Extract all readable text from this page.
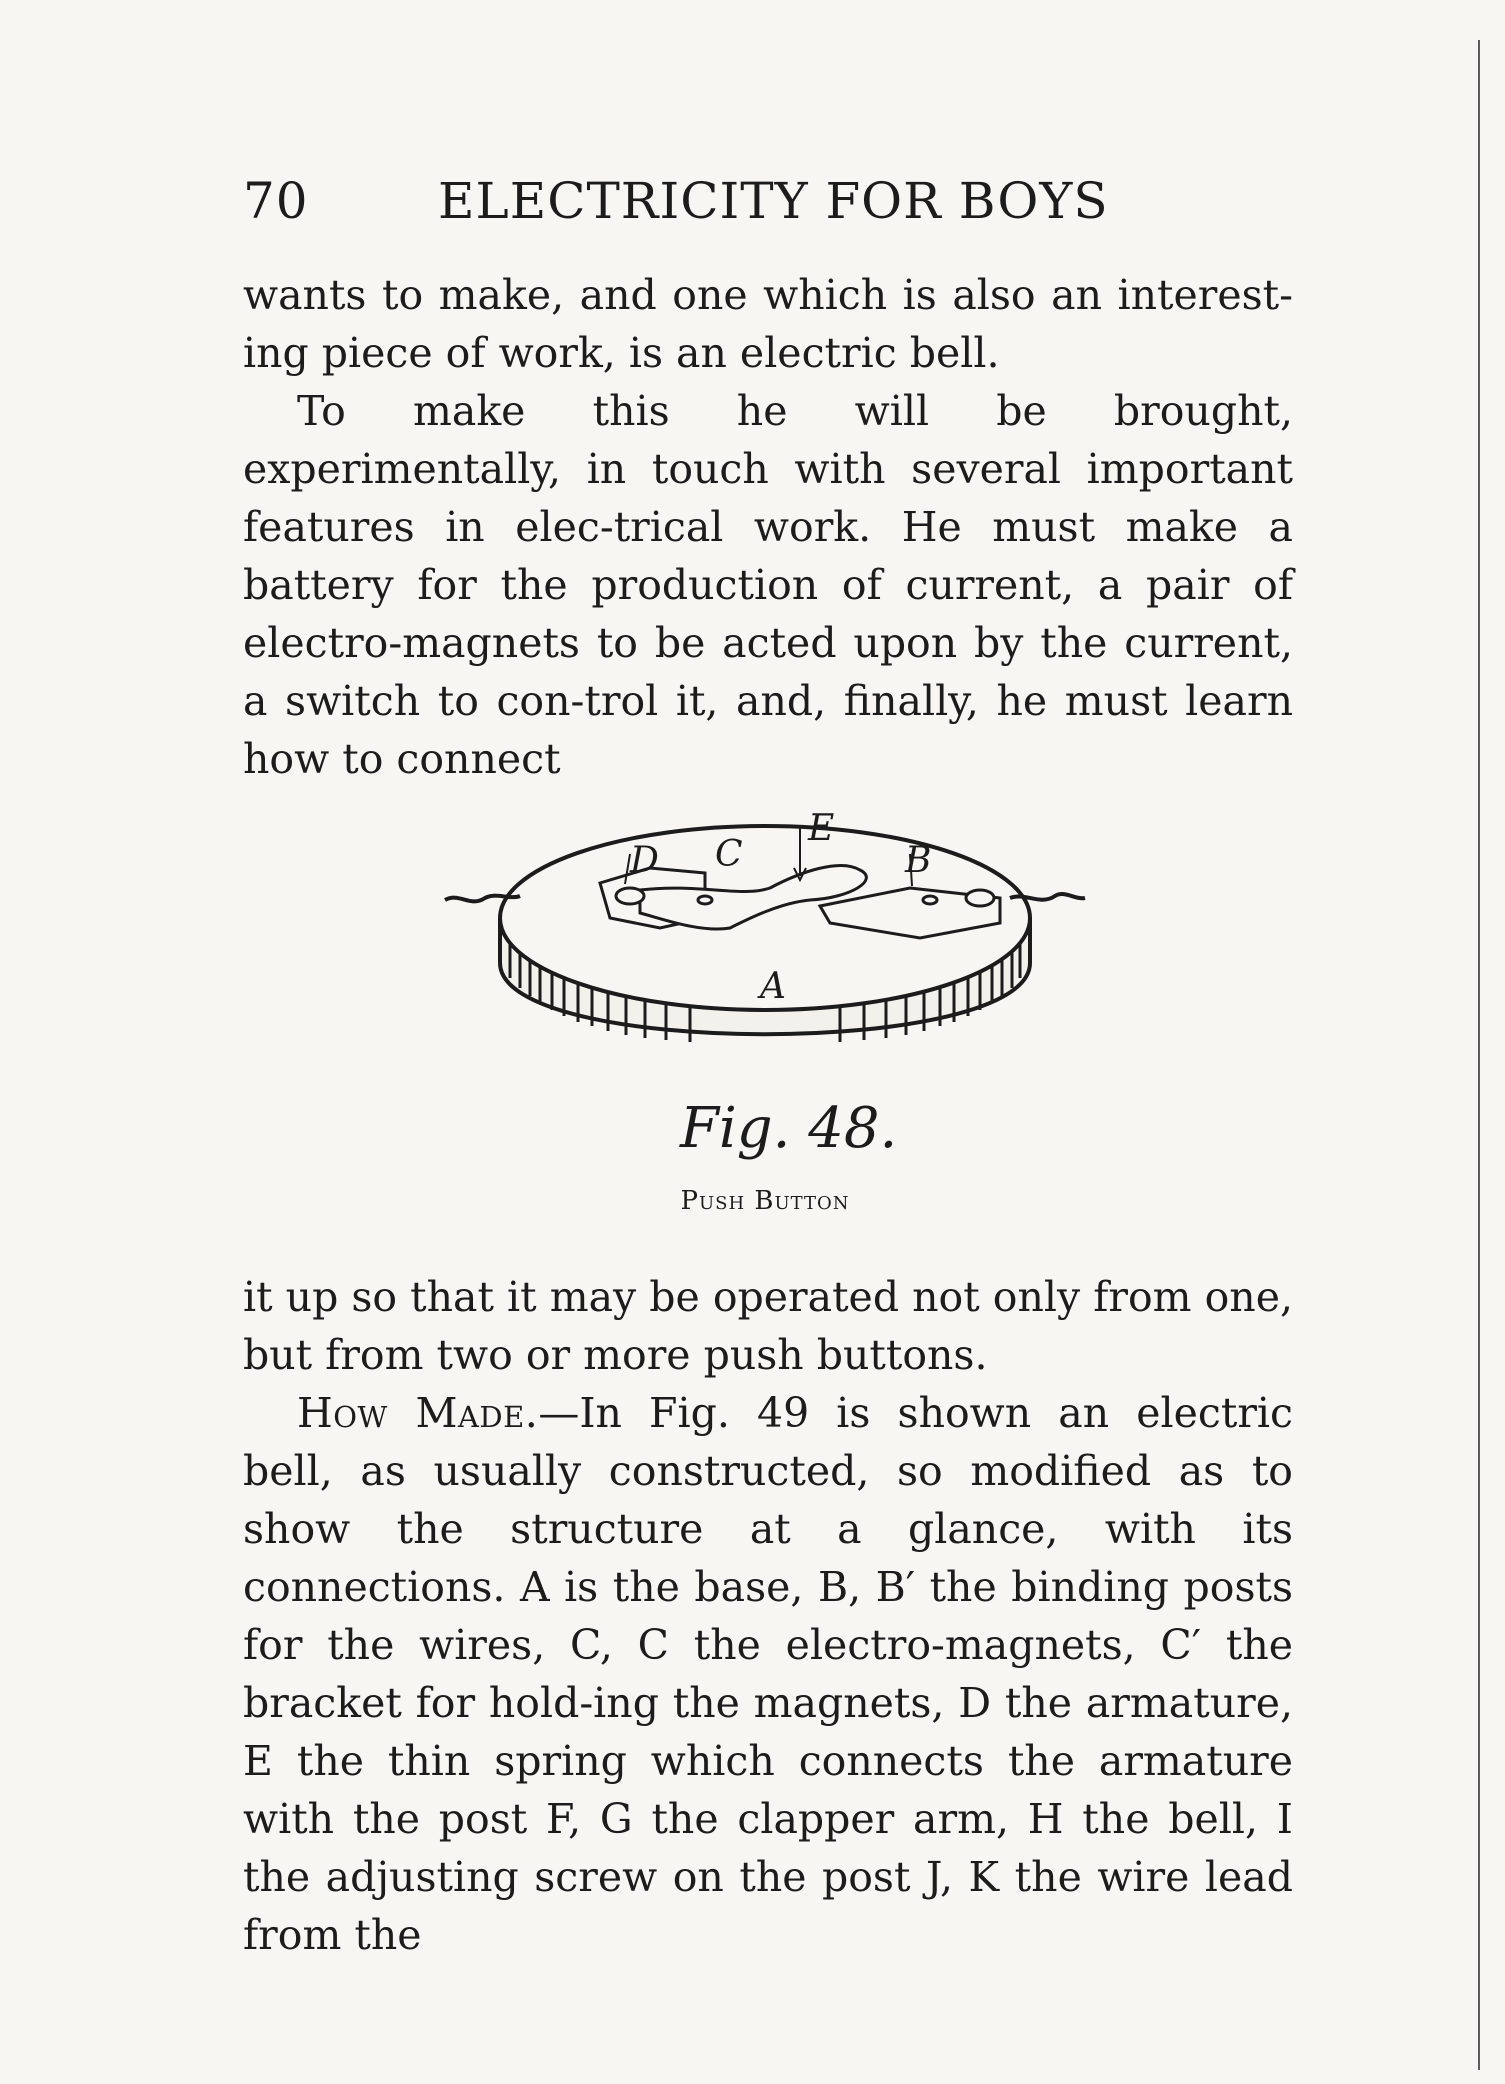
70	ELECTRICITY FOR BOYS

wants to make, and one which is also an interest-ing piece of work, is an electric bell.

To make this he will be brought, experimentally, in touch with several important features in elec-trical work. He must make a battery for the production of current, a pair of electro-magnets to be acted upon by the current, a switch to con-trol it, and, finally, he must learn how to connect

D C
E
B
A
Fig. 48.
Push Button

it up so that it may be operated not only from one, but from two or more push buttons.

How Made.—In Fig. 49 is shown an electric bell, as usually constructed, so modified as to show the structure at a glance, with its connections. A is the base, B, B′ the binding posts for the wires, C, C the electro-magnets, C′ the bracket for hold-ing the magnets, D the armature, E the thin spring which connects the armature with the post F, G the clapper arm, H the bell, I the adjusting screw on the post J, K the wire lead from the
